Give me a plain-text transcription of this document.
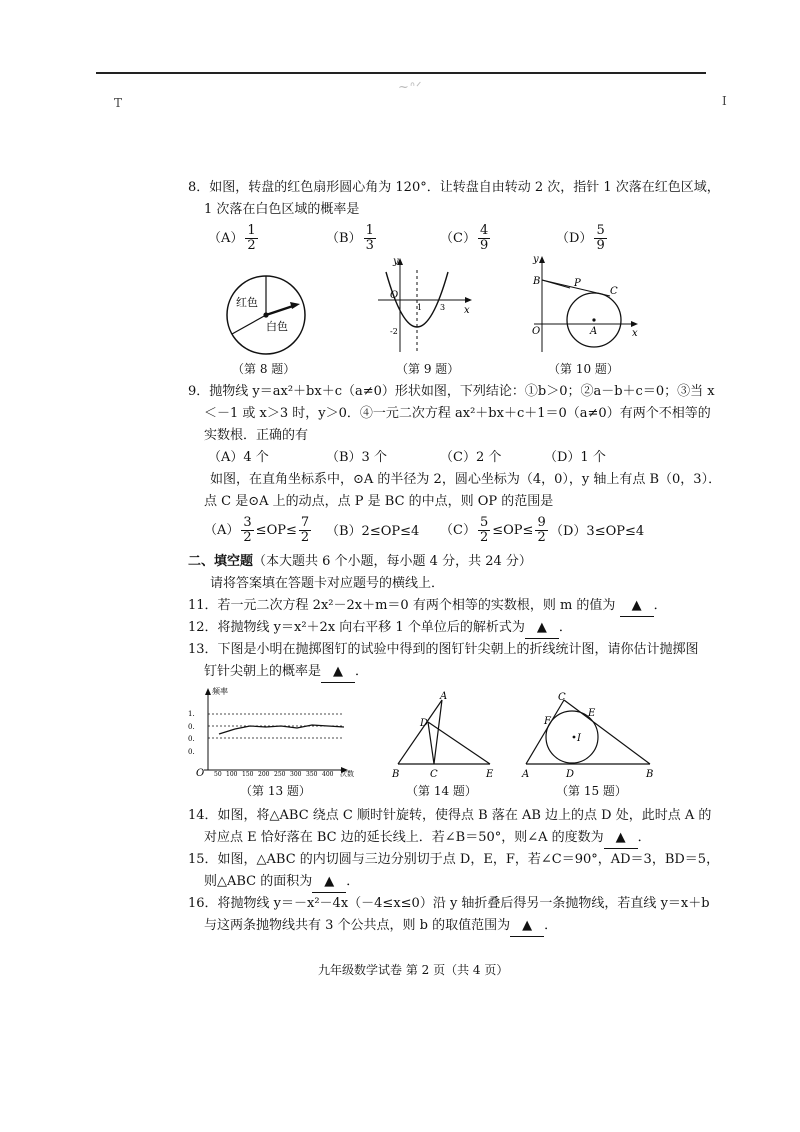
~ᐢᐟ
T	I
8．如图，转盘的红色扇形圆心角为 120°．让转盘自由转动 2 次，指针 1 次落在红色区域，
1 次落在白色区域的概率是
$(A) \frac{1}{2}$	$(B) \frac{1}{3}$	$(C) \frac{4}{9}$	$(D) \frac{5}{9}$
红色
白色
y
x
O
1 3
-2
y
x
O
B	P
C
A
（第 8 题）	（第 9 题）	（第 10 题）
9．抛物线 y＝ax²＋bx＋c（a≠0）形状如图，下列结论：①b＞0；②a－b＋c＝0；③当 x
＜－1 或 x＞3 时，y＞0．④一元二次方程 ax²＋bx＋c＋1＝0（a≠0）有两个不相等的
实数根．正确的有
（A）4 个	（B）3 个	（C）2 个	（D）1 个
如图，在直角坐标系中，⊙A 的半径为 2，圆心坐标为（4，0），y 轴上有点 B（0，3）．
点 C 是⊙A 上的动点，点 P 是 BC 的中点，则 OP 的范围是
$(A) \frac{3}{2} \le OP\le \frac{7}{2} (B)2\le OP\le 4$ $(C) \frac{5}{2} \le OP\le \frac{9}{2} (D)3\le OP\le 4$
二、填空题（本大题共 6 个小题，每小题 4 分，共 24 分）
请将答案填在答题卡对应题号的横线上．
11．若一元二次方程 2x²－2x＋m＝0 有两个相等的实数根，则 m 的值为 ▲ ．
12．将抛物线 y＝x²＋2x 向右平移 1 个单位后的解析式为 ▲ ．
13．下图是小明在抛掷图钉的试验中得到的图钉针尖朝上的折线统计图，请你估计抛掷图
钉针尖朝上的概率是 ▲ ．
频率
1.
0.
0.
0.
O 50 100 150 200 250 300 350 400 次数
A
D
B	C	E
C
F
E
I
A	D	B
（第 13 题）	（第 14 题）	（第 15 题）
14．如图，将△ABC 绕点 C 顺时针旋转，使得点 B 落在 AB 边上的点 D 处，此时点 A 的
对应点 E 恰好落在 BC 边的延长线上．若∠B＝50°，则∠A 的度数为 ▲ ．
15．如图，△ABC 的内切圆与三边分别切于点 D，E，F，若∠C＝90°，AD＝3，BD＝5，
则△ABC 的面积为 ▲ ．
16．将抛物线 y＝－x²－4x（－4≤x≤0）沿 y 轴折叠后得另一条抛物线，若直线 y＝x＋b
与这两条抛物线共有 3 个公共点，则 b 的取值范围为 ▲ ．
九年级数学试卷 第 2 页（共 4 页）
